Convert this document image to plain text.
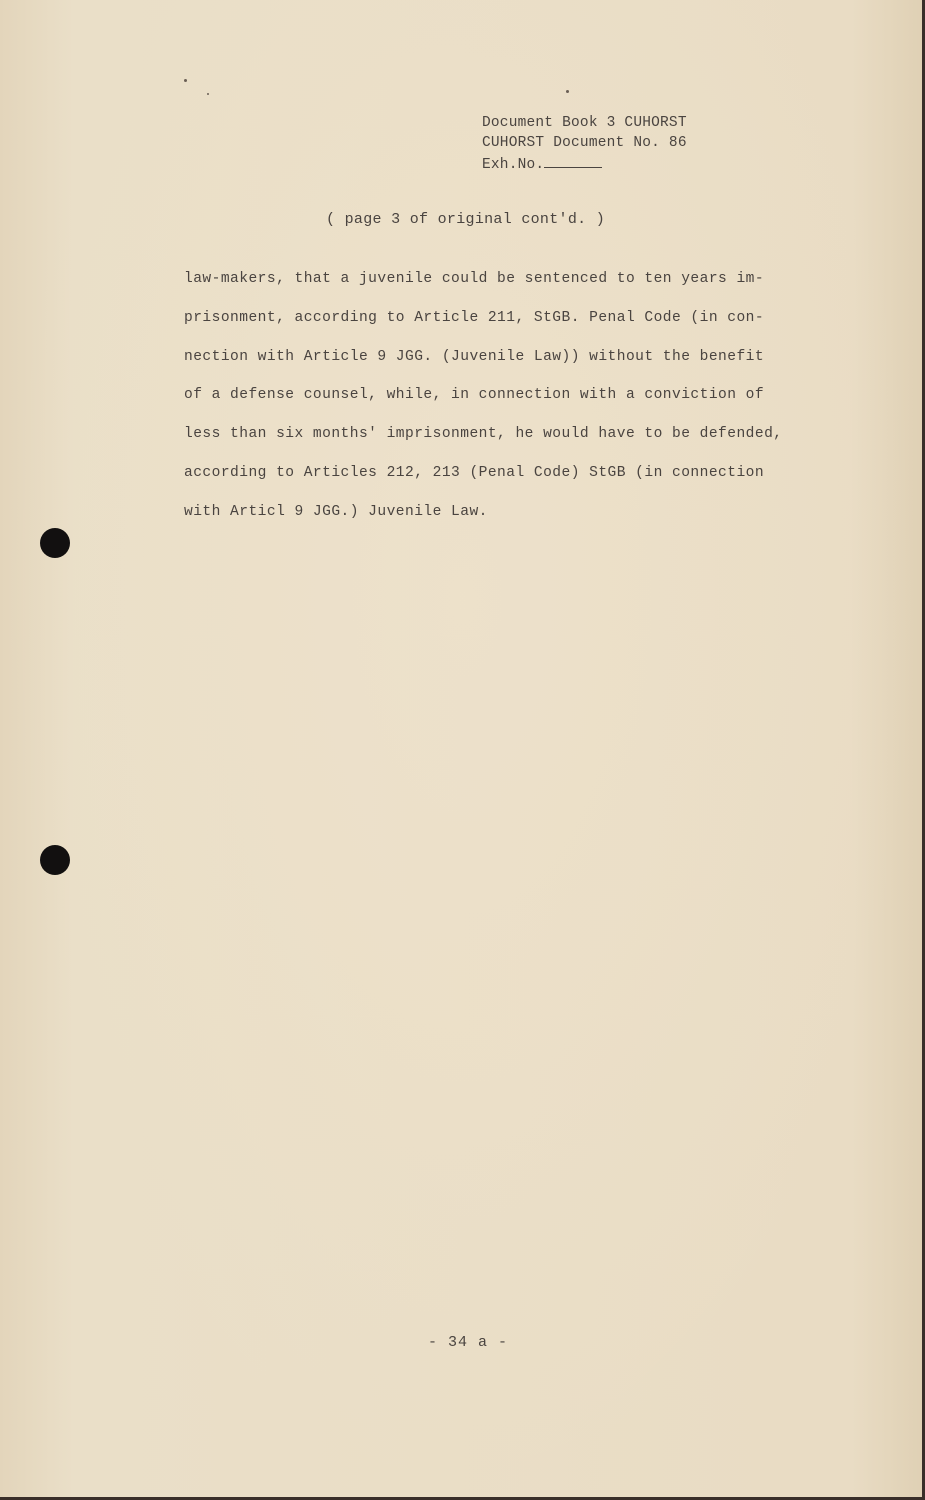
Document Book 3 CUHORST
CUHORST Document No. 86
Exh.No.
( page 3 of original cont'd. )
law-makers, that a juvenile could be sentenced to ten years im-
prisonment, according to Article 211, StGB. Penal Code (in con-
nection with Article 9 JGG. (Juvenile Law)) without the benefit
of a defense counsel, while, in connection with a conviction of
less than six months' imprisonment, he would have to be defended,
according to Articles 212, 213 (Penal Code) StGB (in connection
with Articl 9 JGG.) Juvenile Law.
- 34 a -
